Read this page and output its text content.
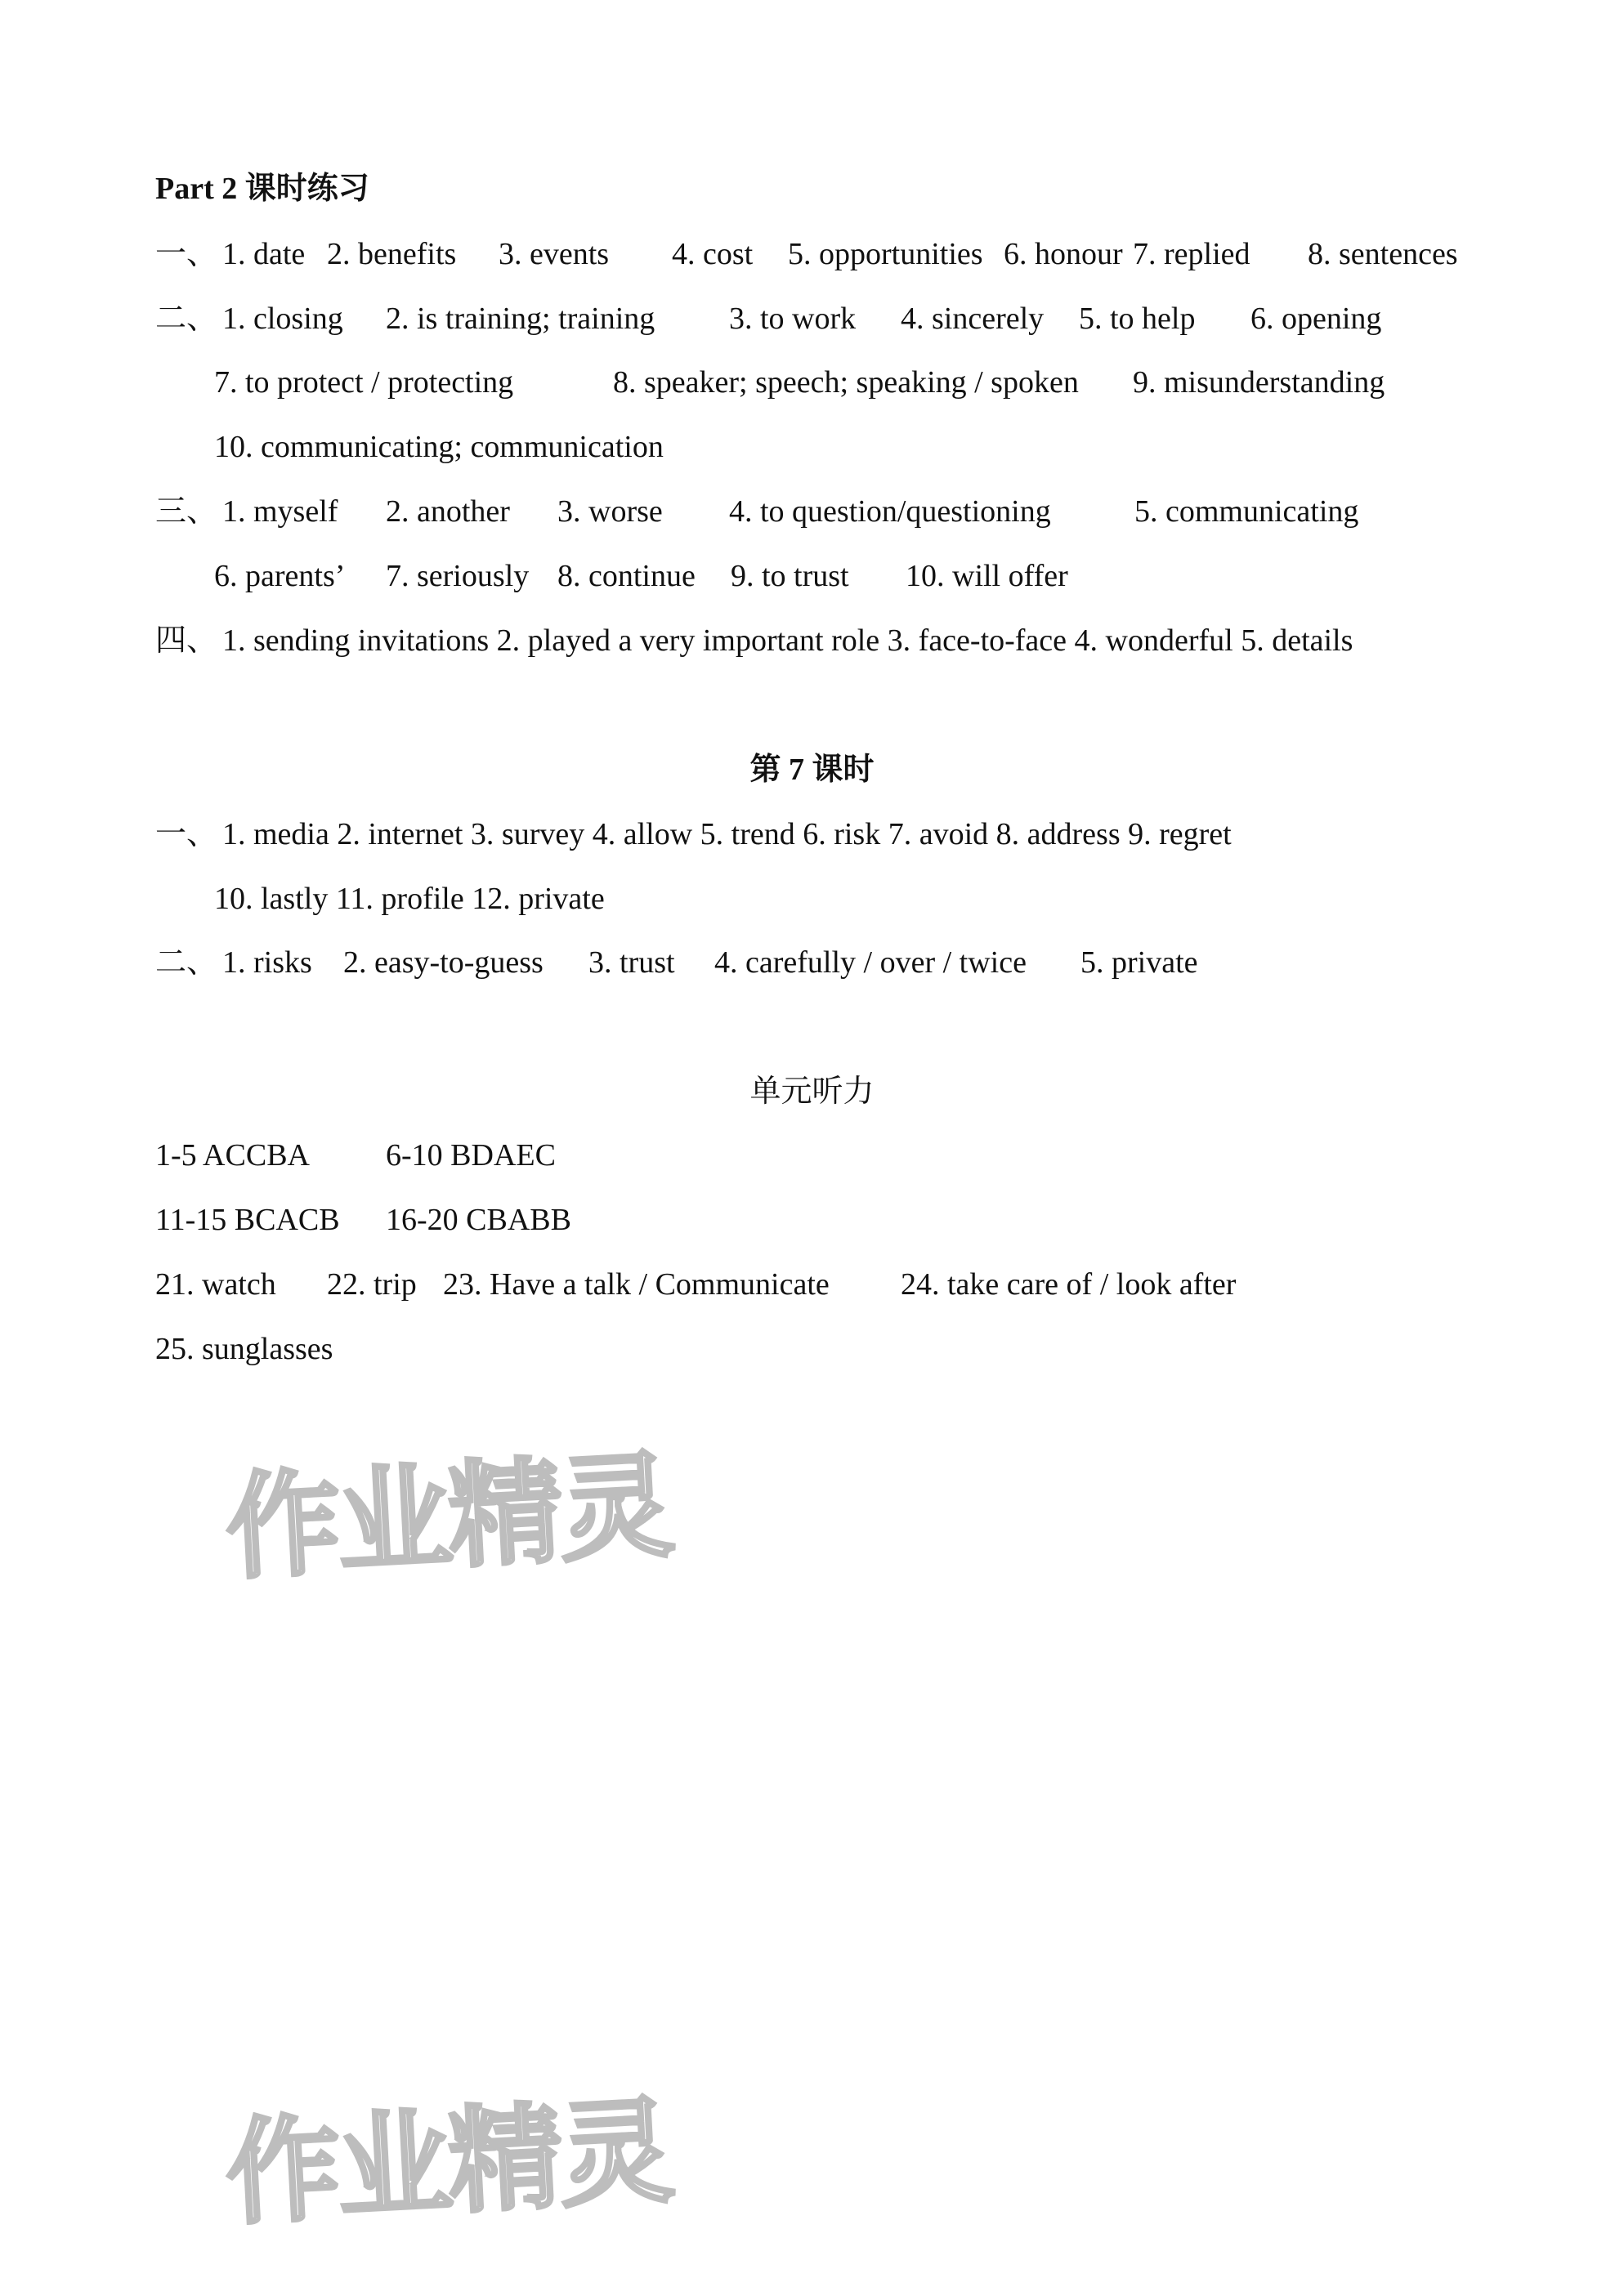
Part 2 课时练习
一、 1. date 2. benefits 3. events 4. cost 5. opportunities 6. honour 7. replied 8. sentences
二、 1. closing 2. is training; training 3. to work 4. sincerely 5. to help 6. opening
7. to protect / protecting	8. speaker; speech; speaking / spoken 9. misunderstanding
10. communicating; communication
三、 1. myself 2. another 3. worse 4. to question/questioning	5. communicating
6. parents’ 7. seriously 8. continue 9. to trust 10. will offer
四、 1. sending invitations 2. played a very important role 3. face-to-face 4. wonderful 5. details
第 7 课时
一、 1. media 2. internet 3. survey 4. allow 5. trend 6. risk 7. avoid 8. address 9. regret
10. lastly 11. profile 12. private
二、 1. risks 2. easy-to-guess 3. trust 4. carefully / over / twice 5. private
单元听力
1-5 ACCBA 6-10 BDAEC
11-15 BCACB 16-20 CBABB
21. watch 22. trip 23. Have a talk / Communicate 24. take care of / look after
25. sunglasses
作业精灵
作业精灵
